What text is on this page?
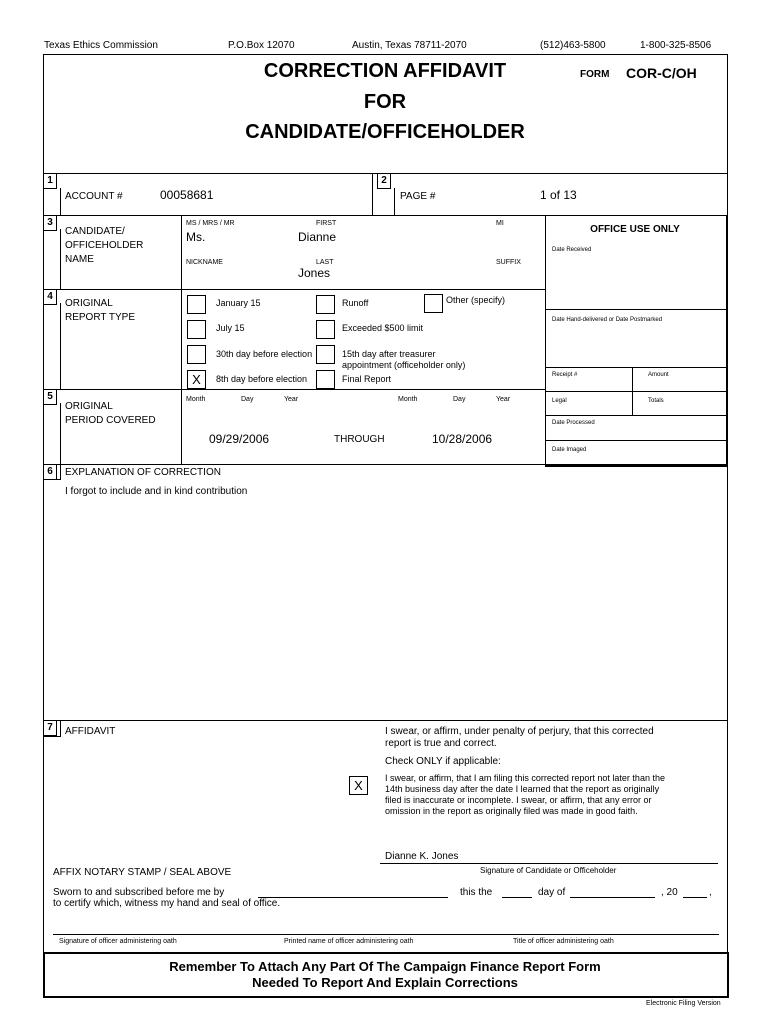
Texas Ethics Commission	P.O.Box 12070	Austin, Texas 78711-2070	(512)463-5800	1-800-325-8506
CORRECTION AFFIDAVIT
FOR
CANDIDATE/OFFICEHOLDER
FORM COR-C/OH
1
ACCOUNT #	00058681
2
PAGE #	1 of 13
3
CANDIDATE/
OFFICEHOLDER
NAME
MS / MRS / MR
Ms.
FIRST
Dianne
MI
NICKNAME	LAST
Jones
SUFFIX
OFFICE USE ONLY
Date Received
Date Hand-delivered or Date Postmarked
Receipt #	Amount
Legal	Totals
Date Processed
Date Imaged
4
ORIGINAL
REPORT TYPE
January 15
July 15
30th day before election
X	8th day before election
Runoff
Exceeded $500 limit
15th day after treasurer
appointment (officeholder only)
Final Report
Other (specify)
5
ORIGINAL
PERIOD COVERED
Month	Day	Year	Month	Day	Year
09/29/2006	THROUGH	10/28/2006
6	EXPLANATION OF CORRECTION
I forgot to include and in kind contribution
7	AFFIDAVIT	I swear, or affirm, under penalty of perjury, that this corrected
report is true and correct.
Check ONLY if applicable:
X	I swear, or affirm, that I am filing this corrected report not later than the
14th business day after the date I learned that the report as originally
filed is inaccurate or incomplete. I swear, or affirm, that any error or
omission in the report as originally filed was made in good faith.
Dianne K. Jones
Signature of Candidate or Officeholder
AFFIX NOTARY STAMP / SEAL ABOVE
Sworn to and subscribed before me by	this the	day of	, 20	,
to certify which, witness my hand and seal of office.
Signature of officer administering oath	Printed name of officer administering oath	Title of officer administering oath
Remember To Attach Any Part Of The Campaign Finance Report Form
Needed To Report And Explain Corrections
Electronic Filing Version
